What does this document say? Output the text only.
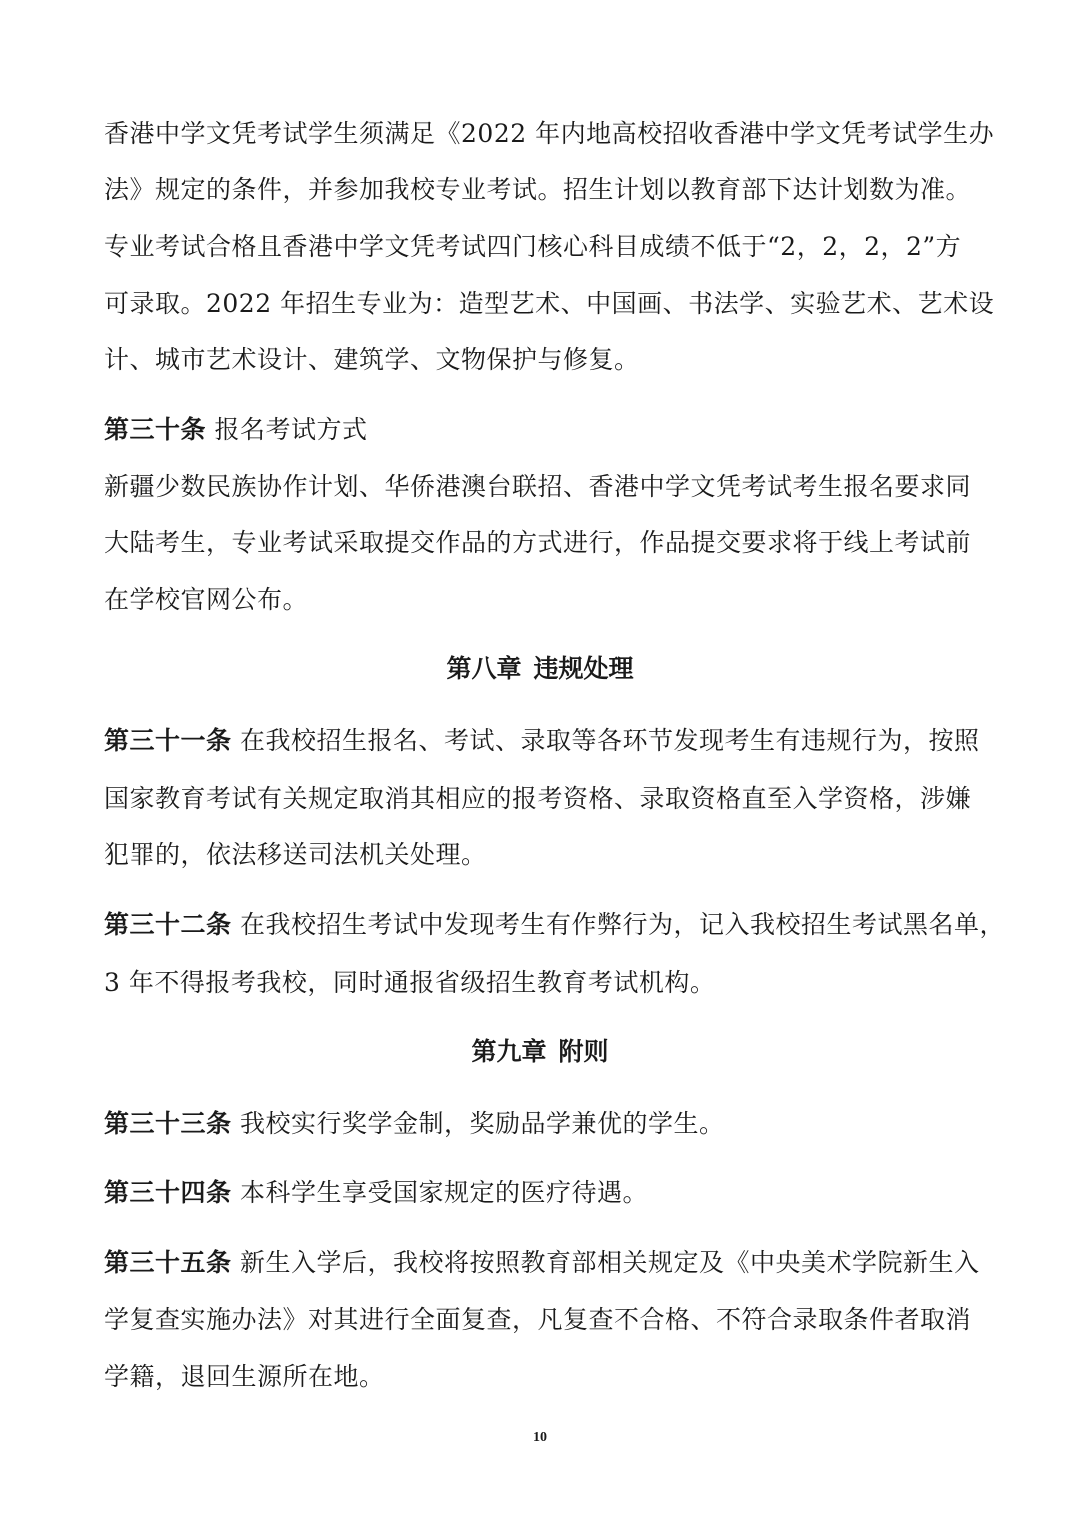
香港中学文凭考试学生须满足《2022 年内地高校招收香港中学文凭考试学生办
法》规定的条件，并参加我校专业考试。招生计划以教育部下达计划数为准。
专业考试合格且香港中学文凭考试四门核心科目成绩不低于“2，2，2，2”方
可录取。2022 年招生专业为：造型艺术、中国画、书法学、实验艺术、艺术设
计、城市艺术设计、建筑学、文物保护与修复。
第三十条 报名考试方式
新疆少数民族协作计划、华侨港澳台联招、香港中学文凭考试考生报名要求同
大陆考生，专业考试采取提交作品的方式进行，作品提交要求将于线上考试前
在学校官网公布。
第八章 违规处理
第三十一条 在我校招生报名、考试、录取等各环节发现考生有违规行为，按照
国家教育考试有关规定取消其相应的报考资格、录取资格直至入学资格，涉嫌
犯罪的，依法移送司法机关处理。
第三十二条 在我校招生考试中发现考生有作弊行为，记入我校招生考试黑名单，
3 年不得报考我校，同时通报省级招生教育考试机构。
第九章 附则
第三十三条 我校实行奖学金制，奖励品学兼优的学生。
第三十四条 本科学生享受国家规定的医疗待遇。
第三十五条 新生入学后，我校将按照教育部相关规定及《中央美术学院新生入
学复查实施办法》对其进行全面复查，凡复查不合格、不符合录取条件者取消
学籍，退回生源所在地。
10
